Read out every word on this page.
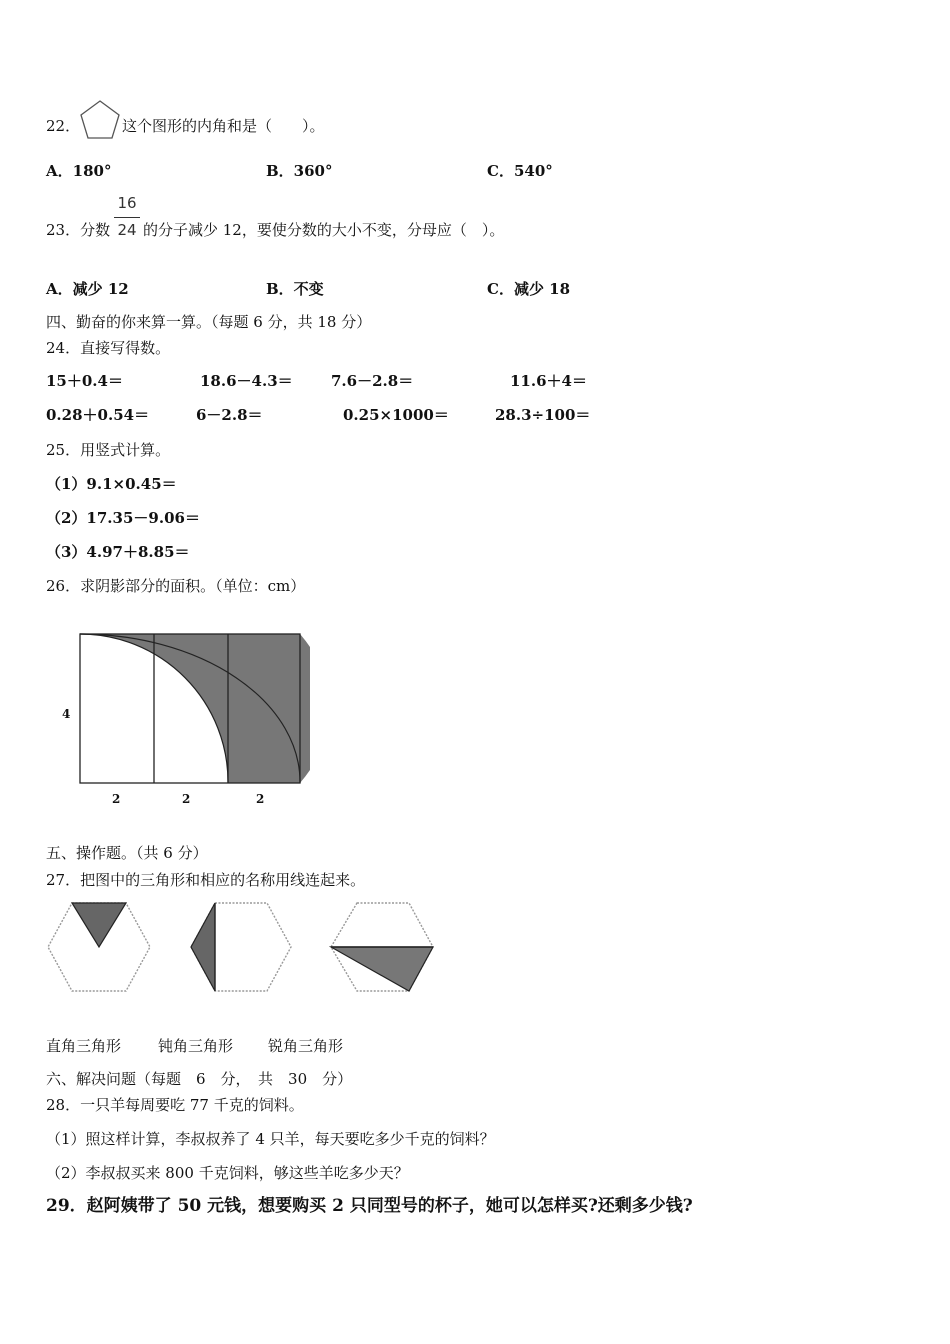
22．	这个图形的内角和是（　　）。
A．180°	B．360°	C．540°
23．分数
16
24 的分子减少 12，要使分数的大小不变，分母应（　）。
A．减少 12	B．不变	C．减少 18
四、勤奋的你来算一算。（每题 6 分，共 18 分）
24．直接写得数。
15＋0.4＝	18.6－4.3＝	7.6－2.8＝	11.6＋4＝
0.28＋0.54＝	6－2.8＝	0.25×1000＝	28.3÷100＝
25．用竖式计算。
（1）9.1×0.45＝
（2）17.35－9.06＝
（3）4.97＋8.85＝
26．求阴影部分的面积。（单位：cm）
4
2	2	2
五、操作题。（共 6 分）
27．把图中的三角形和相应的名称用线连起来。
直角三角形 钝角三角形 锐角三角形
六、解决问题（每题　6　分，　共　30　分）
28．一只羊每周要吃 77 千克的饲料。
（1）照这样计算，李叔叔养了 4 只羊，每天要吃多少千克的饲料？
（2）李叔叔买来 800 千克饲料，够这些羊吃多少天？
29．赵阿姨带了 50 元钱，想要购买 2 只同型号的杯子，她可以怎样买?还剩多少钱?
